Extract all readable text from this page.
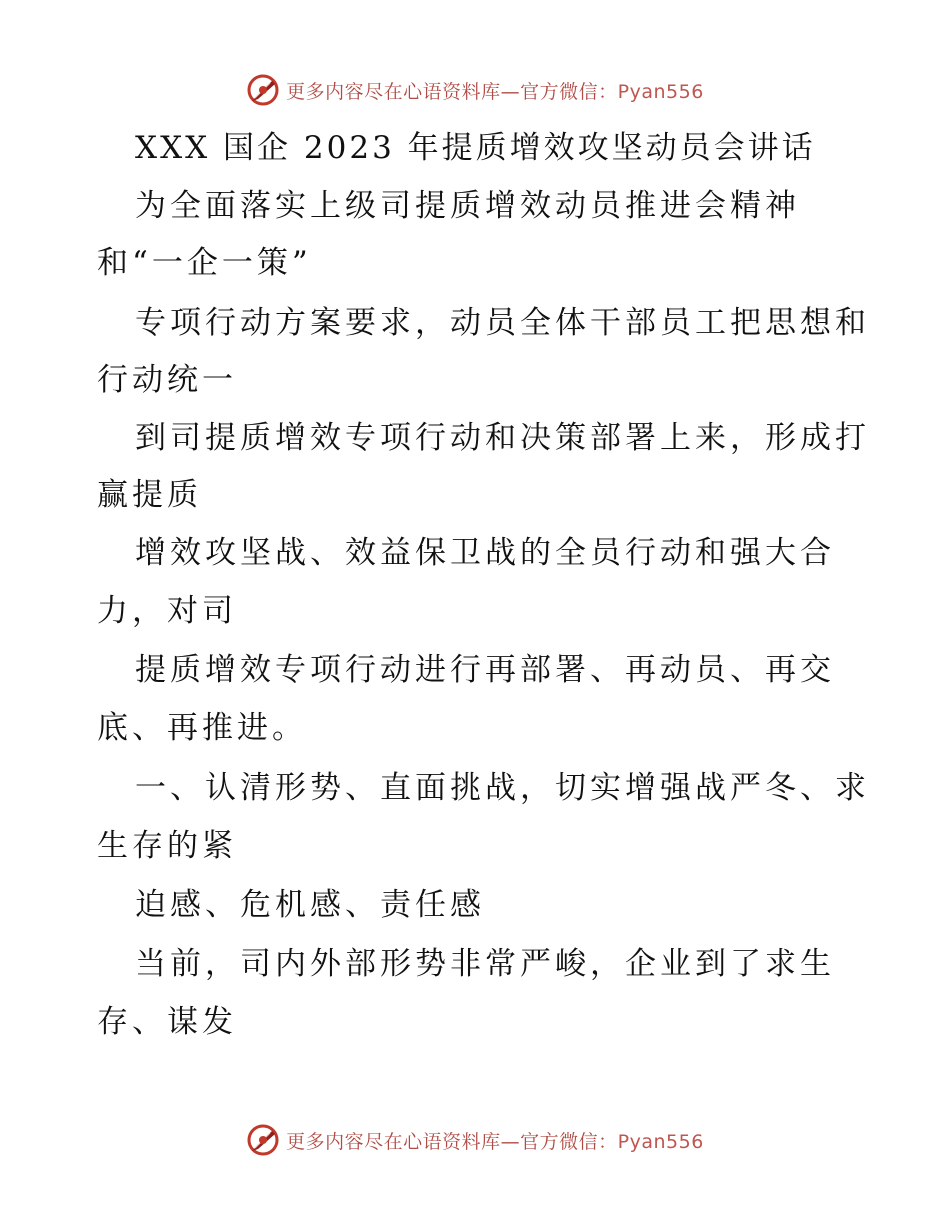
更多内容尽在心语资料库—官方微信：Pyan556
XXX 国企 2023 年提质增效攻坚动员会讲话
为全面落实上级司提质增效动员推进会精神
和“一企一策”
专项行动方案要求，动员全体干部员工把思想和
行动统一
到司提质增效专项行动和决策部署上来，形成打
赢提质
增效攻坚战、效益保卫战的全员行动和强大合
力，对司
提质增效专项行动进行再部署、再动员、再交
底、再推进。
一、认清形势、直面挑战，切实增强战严冬、求
生存的紧
迫感、危机感、责任感
当前，司内外部形势非常严峻，企业到了求生
存、谋发
更多内容尽在心语资料库—官方微信：Pyan556
